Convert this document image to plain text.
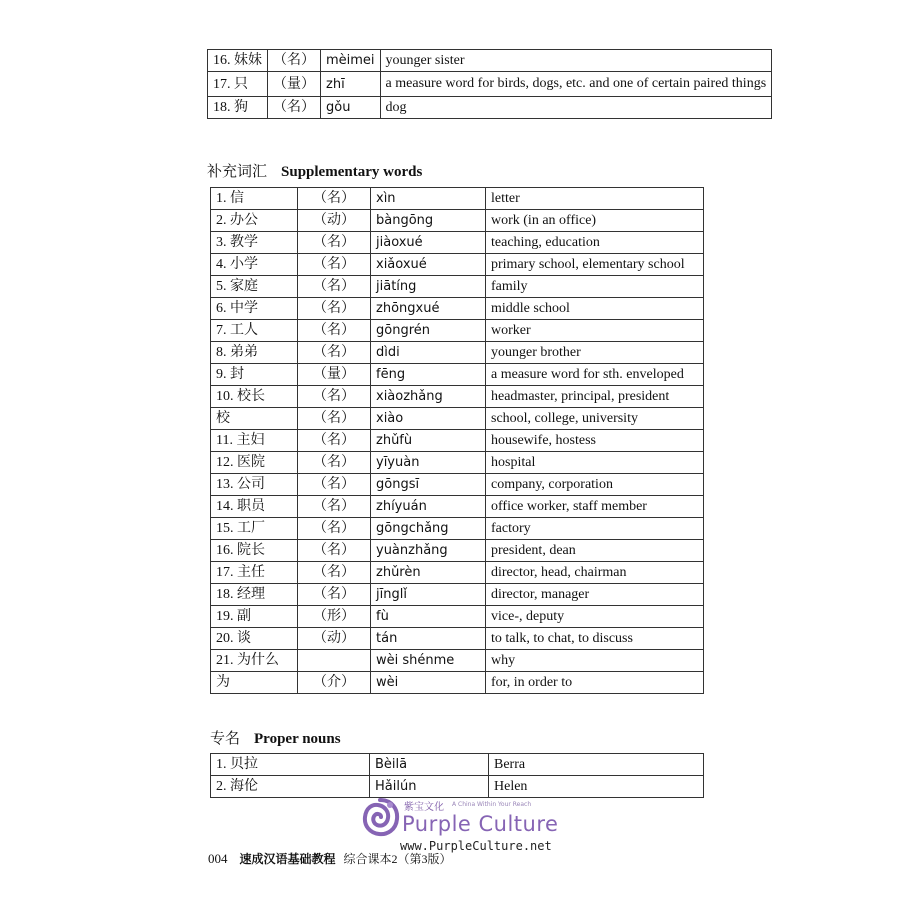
16. 妹妹	（名）	mèimei	younger sister
17. 只	（量）	zhī	a measure word for birds, dogs, etc. and one of certain paired things
18. 狗	（名）	gǒu	dog
补充词汇 Supplementary words
1. 信	（名）	xìn	letter
2. 办公	（动）	bàngōng	work (in an office)
3. 教学	（名）	jiàoxué	teaching, education
4. 小学	（名）	xiǎoxué	primary school, elementary school
5. 家庭	（名）	jiātíng	family
6. 中学	（名）	zhōngxué	middle school
7. 工人	（名）	gōngrén	worker
8. 弟弟	（名）	dìdi	younger brother
9. 封	（量）	fēng	a measure word for sth. enveloped
10. 校长	（名）	xiàozhǎng	headmaster, principal, president
校	（名）	xiào	school, college, university
11. 主妇	（名）	zhǔfù	housewife, hostess
12. 医院	（名）	yīyuàn	hospital
13. 公司	（名）	gōngsī	company, corporation
14. 职员	（名）	zhíyuán	office worker, staff member
15. 工厂	（名）	gōngchǎng	factory
16. 院长	（名）	yuànzhǎng	president, dean
17. 主任	（名）	zhǔrèn	director, head, chairman
18. 经理	（名）	jīnglǐ	director, manager
19. 副	（形）	fù	vice-, deputy
20. 谈	（动）	tán	to talk, to chat, to discuss
21. 为什么		wèi shénme	why
为	（介）	wèi	for, in order to
专名 Proper nouns
1. 贝拉	Bèilā	Berra
2. 海伦	Hǎilún	Helen
紫宝文化 A China Within Your Reach
Purple Culture
www.PurpleCulture.net
004 速成汉语基础教程 综合课本2（第3版）
